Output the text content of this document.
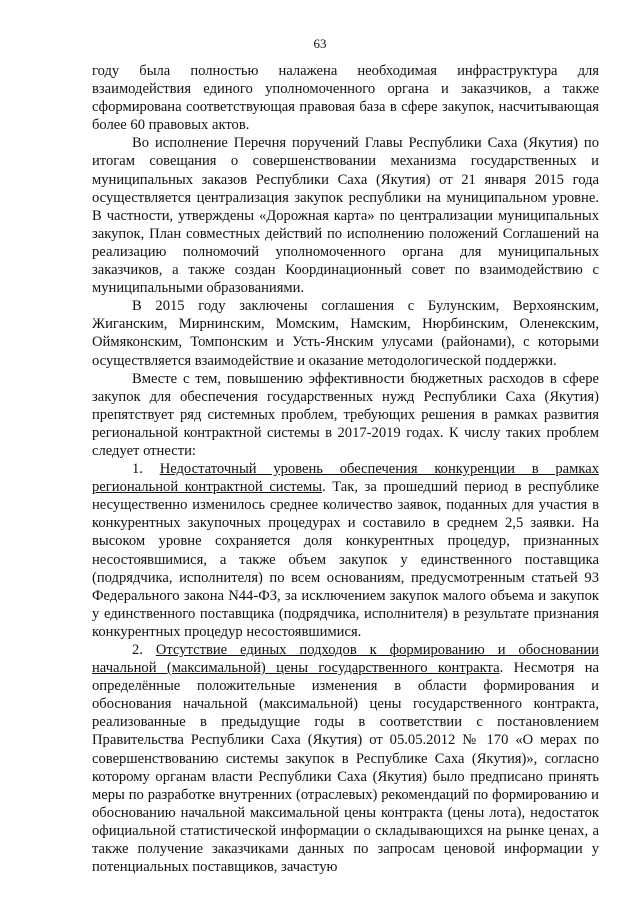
63

году была полностью налажена необходимая инфраструктура для взаимодействия единого уполномоченного органа и заказчиков, а также сформирована соответствующая правовая база в сфере закупок, насчитывающая более 60 правовых актов.

Во исполнение Перечня поручений Главы Республики Саха (Якутия) по итогам совещания о совершенствовании механизма государственных и муниципальных заказов Республики Саха (Якутия) от 21 января 2015 года осуществляется централизация закупок республики на муниципальном уровне. В частности, утверждены «Дорожная карта» по централизации муниципальных закупок, План совместных действий по исполнению положений Соглашений на реализацию полномочий уполномоченного органа для муниципальных заказчиков, а также создан Координационный совет по взаимодействию с муниципальными образованиями.

В 2015 году заключены соглашения с Булунским, Верхоянским, Жиганским, Мирнинским, Момским, Намским, Нюрбинским, Оленекским, Оймяконским, Томпонским и Усть-Янским улусами (районами), с которыми осуществляется взаимодействие и оказание методологической поддержки.

Вместе с тем, повышению эффективности бюджетных расходов в сфере закупок для обеспечения государственных нужд Республики Саха (Якутия) препятствует ряд системных проблем, требующих решения в рамках развития региональной контрактной системы в 2017-2019 годах. К числу таких проблем следует отнести:

1. Недостаточный уровень обеспечения конкуренции в рамках региональной контрактной системы. Так, за прошедший период в республике несущественно изменилось среднее количество заявок, поданных для участия в конкурентных закупочных процедурах и составило в среднем 2,5 заявки. На высоком уровне сохраняется доля конкурентных процедур, признанных несостоявшимися, а также объем закупок у единственного поставщика (подрядчика, исполнителя) по всем основаниям, предусмотренным статьей 93 Федерального закона N44-ФЗ, за исключением закупок малого объема и закупок у единственного поставщика (подрядчика, исполнителя) в результате признания конкурентных процедур несостоявшимися.

2. Отсутствие единых подходов к формированию и обосновании начальной (максимальной) цены государственного контракта. Несмотря на определённые положительные изменения в области формирования и обоснования начальной (максимальной) цены государственного контракта, реализованные в предыдущие годы в соответствии с постановлением Правительства Республики Саха (Якутия) от 05.05.2012 № 170 «О мерах по совершенствованию системы закупок в Республике Саха (Якутия)», согласно которому органам власти Республики Саха (Якутия) было предписано принять меры по разработке внутренних (отраслевых) рекомендаций по формированию и обоснованию начальной максимальной цены контракта (цены лота), недостаток официальной статистической информации о складывающихся на рынке ценах, а также получение заказчиками данных по запросам ценовой информации у потенциальных поставщиков, зачастую
